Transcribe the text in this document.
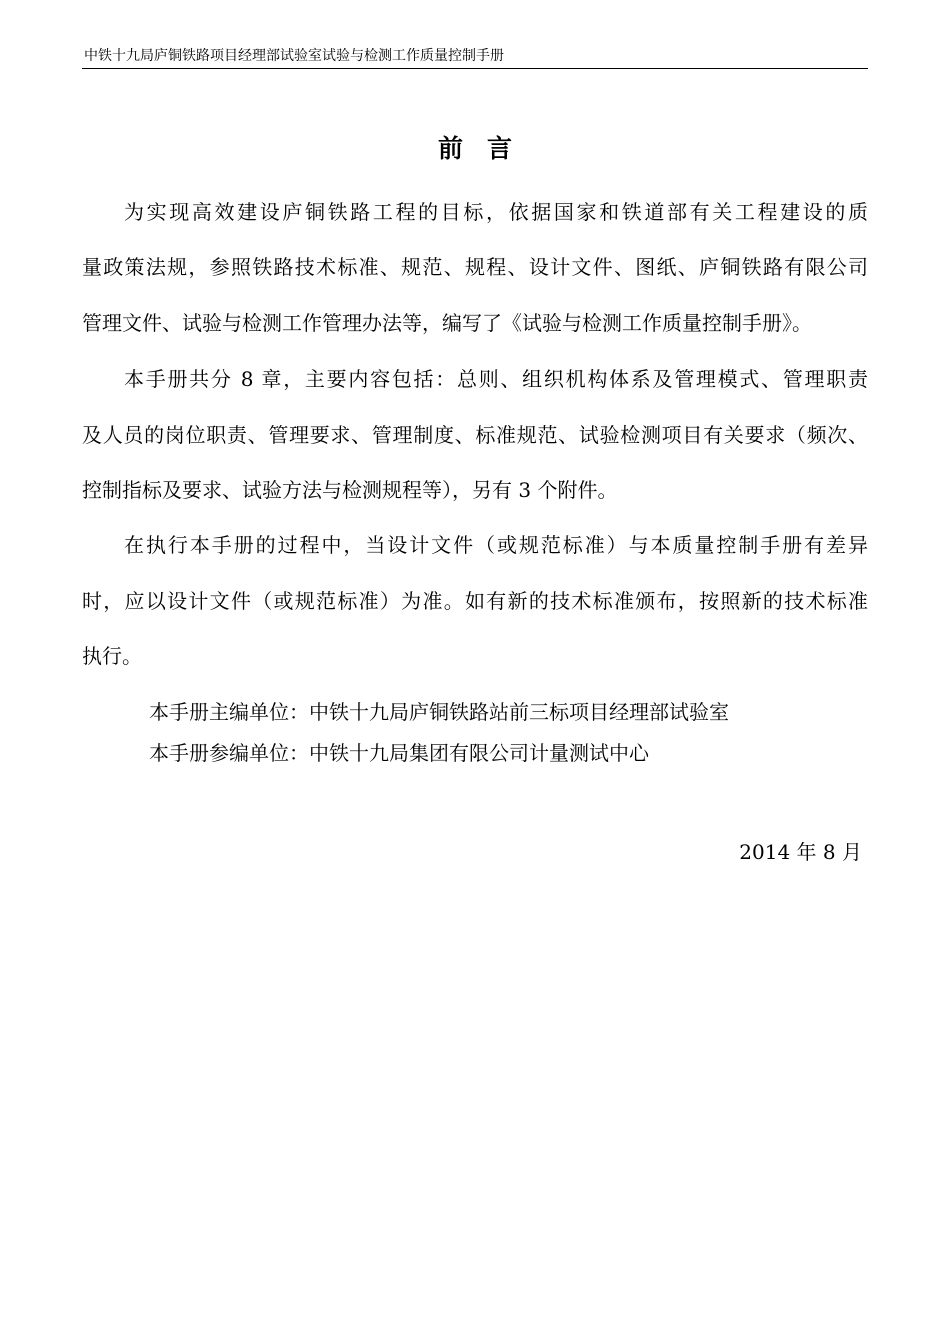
中铁十九局庐铜铁路项目经理部试验室试验与检测工作质量控制手册
前言
为实现高效建设庐铜铁路工程的目标，依据国家和铁道部有关工程建设的质
量政策法规，参照铁路技术标准、规范、规程、设计文件、图纸、庐铜铁路有限公司
管理文件、试验与检测工作管理办法等，编写了《试验与检测工作质量控制手册》。
本手册共分 8 章，主要内容包括：总则、组织机构体系及管理模式、管理职责
及人员的岗位职责、管理要求、管理制度、标准规范、试验检测项目有关要求（频次、
控制指标及要求、试验方法与检测规程等），另有 3 个附件。
在执行本手册的过程中，当设计文件（或规范标准）与本质量控制手册有差异
时，应以设计文件（或规范标准）为准。如有新的技术标准颁布，按照新的技术标准
执行。
本手册主编单位：中铁十九局庐铜铁路站前三标项目经理部试验室
本手册参编单位：中铁十九局集团有限公司计量测试中心
2014 年 8 月
